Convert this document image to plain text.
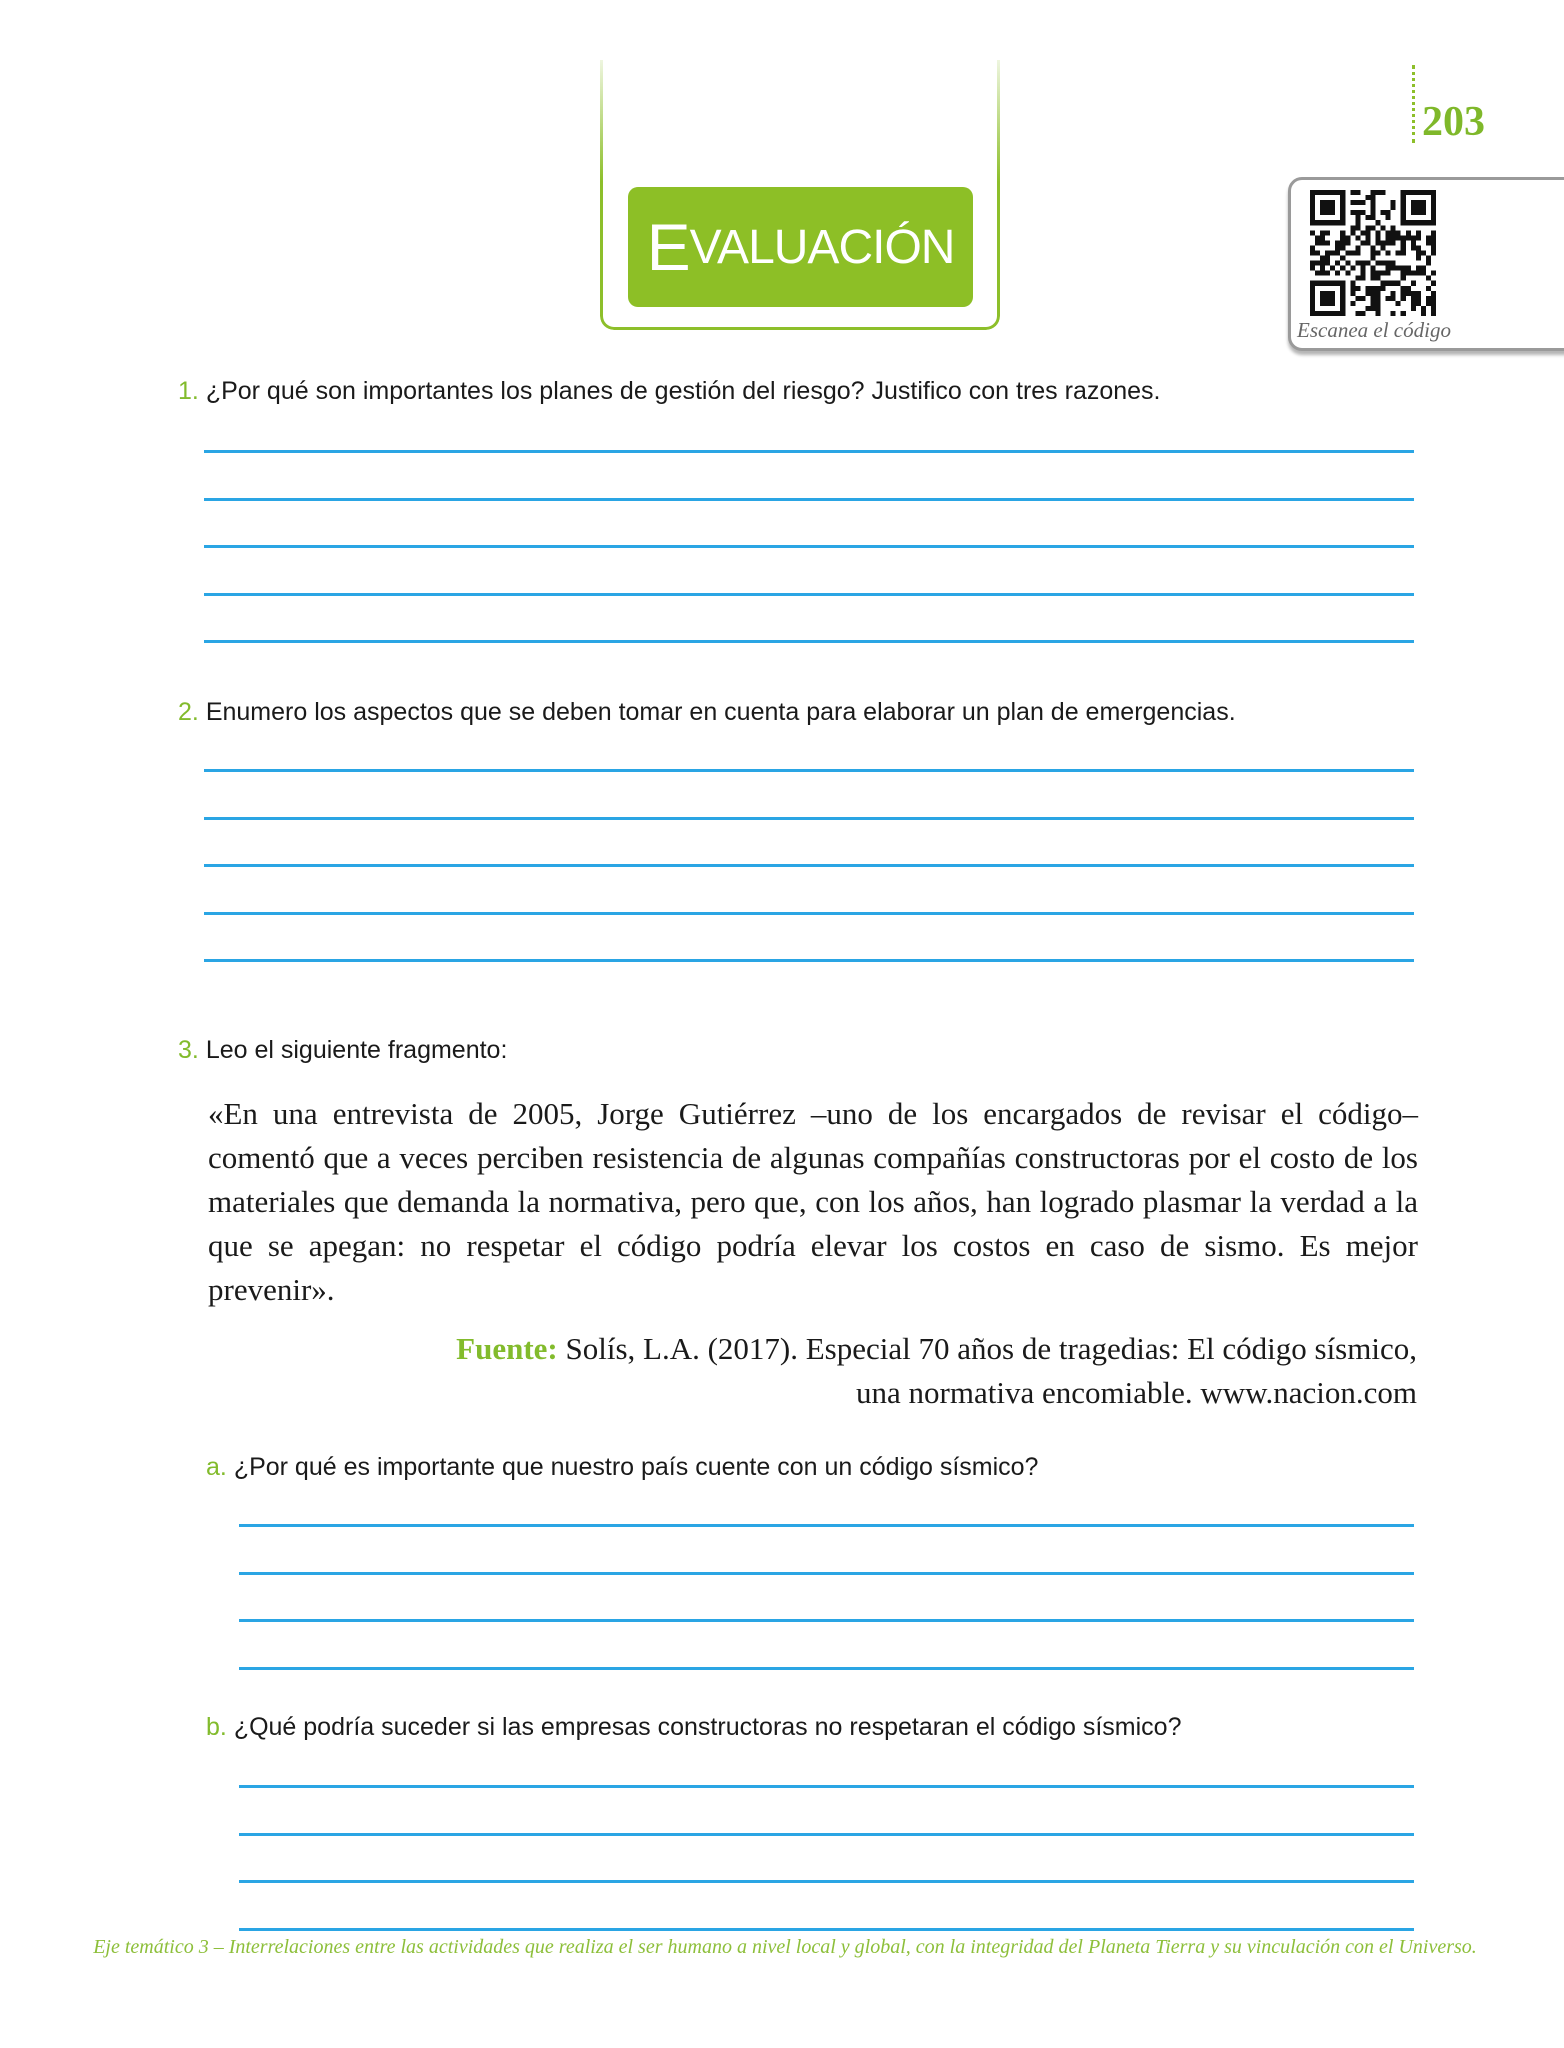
E VALUACIÓN
203
Escanea el código
1. ¿Por qué son importantes los planes de gestión del riesgo? Justifico con tres razones.
2. Enumero los aspectos que se deben tomar en cuenta para elaborar un plan de emergencias.
3. Leo el siguiente fragmento:
«En una entrevista de 2005, Jorge Gutiérrez –uno de los encargados de revisar el código– comentó que a veces perciben resistencia de algunas compañías constructoras por el costo de los materiales que demanda la normativa, pero que, con los años, han logrado plasmar la verdad a la que se apegan: no respetar el código podría elevar los costos en caso de sismo. Es mejor prevenir».
Fuente: Solís, L.A. (2017). Especial 70 años de tragedias: El código sísmico,
una normativa encomiable. www.nacion.com
a. ¿Por qué es importante que nuestro país cuente con un código sísmico?
b. ¿Qué podría suceder si las empresas constructoras no respetaran el código sísmico?
Eje temático 3 – Interrelaciones entre las actividades que realiza el ser humano a nivel local y global, con la integridad del Planeta Tierra y su vinculación con el Universo.
